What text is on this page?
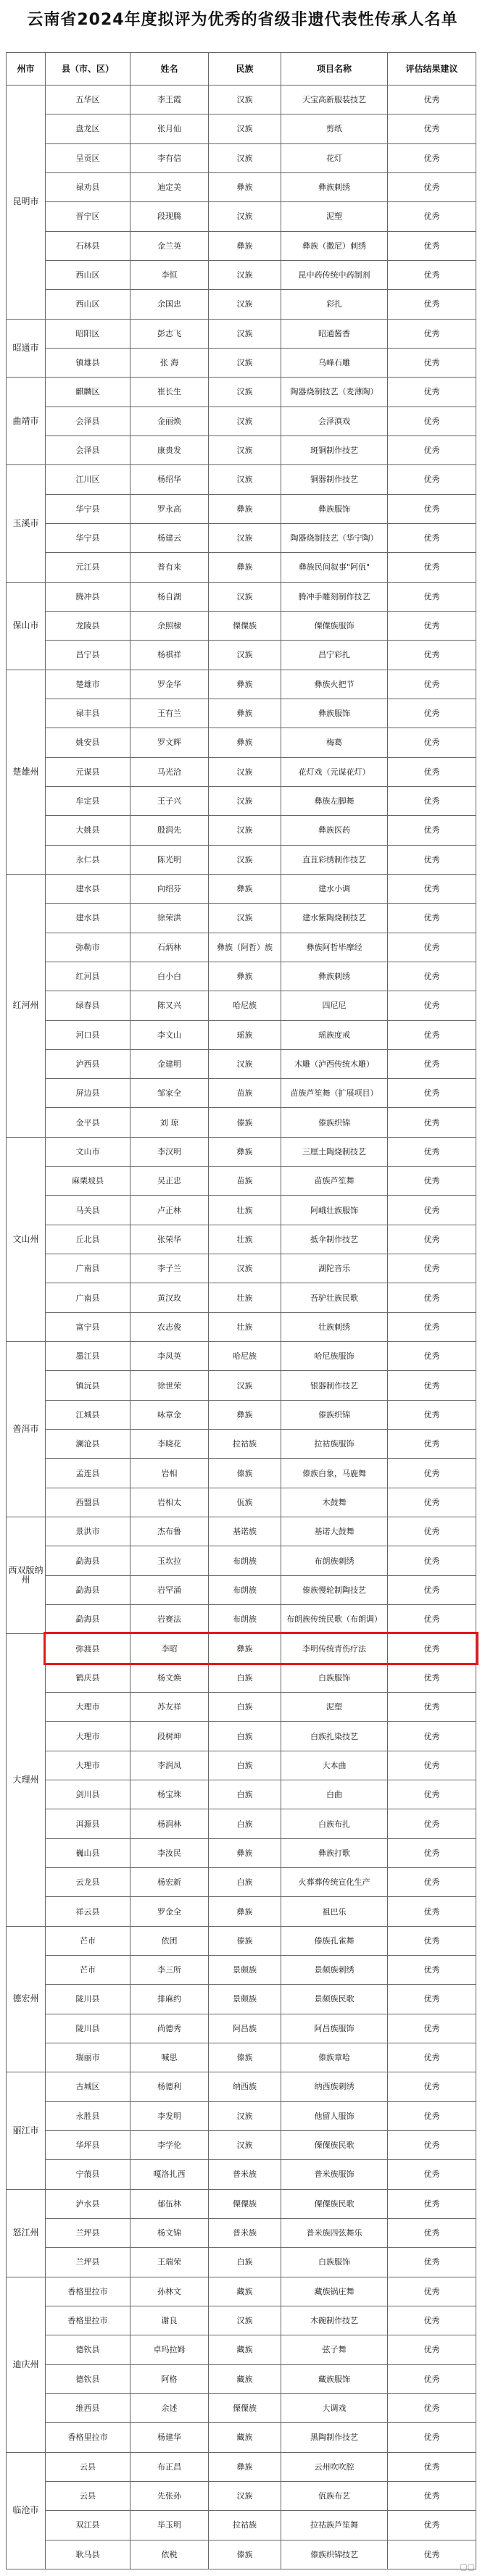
云南省2024年度拟评为优秀的省级非遗代表性传承人名单
州市	县（市、区）	姓名	民族	项目名称	评估结果建议
昆明市	五华区	李王霞	汉族	天宝高新服装技艺	优秀
	盘龙区	张月仙	汉族	剪纸	优秀
	呈贡区	李有信	汉族	花灯	优秀
	禄劝县	迪定美	彝族	彝族刺绣	优秀
	晋宁区	段现腾	汉族	泥塑	优秀
	石林县	金兰英	彝族	彝族（撒尼）刺绣	优秀
	西山区	李恒	汉族	昆中药传统中药制剂	优秀
	西山区	余国忠	汉族	彩扎	优秀
昭通市	昭阳区	彭志飞	汉族	昭通酱香	优秀
	镇雄县	张 海	汉族	乌峰石雕	优秀
曲靖市	麒麟区	崔长生	汉族	陶器烧制技艺（麦薄陶）	优秀
	会泽县	金丽焕	汉族	会泽滇戏	优秀
	会泽县	康贵发	汉族	斑铜制作技艺	优秀
玉溪市	江川区	杨绍华	汉族	铜器制作技艺	优秀
	华宁县	罗永高	彝族	彝族服饰	优秀
	华宁县	杨建云	汉族	陶器烧制技艺（华宁陶）	优秀
	元江县	普有来	彝族	彝族民间叙事"阿佤"	优秀
保山市	腾冲县	杨自湖	汉族	腾冲手雕刻制作技艺	优秀
	龙陵县	余照棣	傈僳族	傈僳族服饰	优秀
	昌宁县	杨祺祥	汉族	昌宁彩扎	优秀
楚雄州	楚雄市	罗金华	彝族	彝族火把节	优秀
	禄丰县	王有兰	彝族	彝族服饰	优秀
	姚安县	罗文辉	彝族	梅葛	优秀
	元谋县	马光洽	汉族	花灯戏（元谋花灯）	优秀
	牟定县	王子兴	汉族	彝族左脚舞	优秀
	大姚县	殷润先	汉族	彝族医药	优秀
	永仁县	陈光明	汉族	直苴彩绣制作技艺	优秀
红河州	建水县	向绍芬	彝族	建水小调	优秀
	建水县	徐荣洪	汉族	建水紫陶烧制技艺	优秀
	弥勒市	石炳林	彝族（阿哲）族	彝族阿哲毕摩经	优秀
	红河县	白小白	彝族	彝族刺绣	优秀
	绿春县	陈又兴	哈尼族	四尼尼	优秀
	河口县	李文山	瑶族	瑶族度戒	优秀
	泸西县	金建明	汉族	木雕（泸西传统木雕）	优秀
	屏边县	邹家全	苗族	苗族芦笙舞（扩展项目）	优秀
	金平县	刘 琼	傣族	傣族织锦	优秀
文山州	文山市	李汉明	彝族	三厘土陶烧制技艺	优秀
	麻栗坡县	吴正忠	苗族	苗族芦笙舞	优秀
	马关县	卢正林	壮族	阿峨壮族服饰	优秀
	丘北县	张荣华	壮族	抵伞制作技艺	优秀
	广南县	李子兰	汉族	湖陀音乐	优秀
	广南县	黄汉玫	壮族	吾驴壮族民歌	优秀
	富宁县	农志俊	壮族	壮族刺绣	优秀
普洱市	墨江县	李凤英	哈尼族	哈尼族服饰	优秀
	镇沅县	徐世荣	汉族	银器制作技艺	优秀
	江城县	咏章金	彝族	傣族织锦	优秀
	澜沧县	李晓花	拉祜族	拉祜族服饰	优秀
	孟连县	岩相	傣族	傣族白象，马鹿舞	优秀
	西盟县	岩相太	佤族	木鼓舞	优秀
西双版纳州	景洪市	杰布鲁	基诺族	基诺大鼓舞	优秀
	勐海县	玉坎拉	布朗族	布朗族刺绣	优秀
	勐海县	岩罕涌	布朗族	傣族慢轮制陶技艺	优秀
	勐海县	岩赛法	布朗族	布朗族传统民歌（布朗调）	优秀
大理州	弥渡县	李昭	彝族	李明传统青伤疗法	优秀
	鹤庆县	杨文焕	白族	白族服饰	优秀
	大理市	苏友祥	白族	泥塑	优秀
	大理市	段树坤	白族	白族扎染技艺	优秀
	大理市	李润凤	白族	大本曲	优秀
	剑川县	杨宝珠	白族	白曲	优秀
	洱源县	杨润林	白族	白族布扎	优秀
	巍山县	李汝民	彝族	彝族打歌	优秀
	云龙县	杨宏新	白族	火葬葬传统宣化生产	优秀
	祥云县	罗金全	彝族	祖巴乐	优秀
德宏州	芒市	依团	傣族	傣族孔雀舞	优秀
	芒市	李三所	景颇族	景颇族刺绣	优秀
	陇川县	排麻约	景颇族	景颇族民歌	优秀
	陇川县	尚德秀	阿昌族	阿昌族服饰	优秀
	瑞丽市	喊思	傣族	傣族章哈	优秀
丽江市	古城区	杨德利	纳西族	纳西族刺绣	优秀
	永胜县	李发明	汉族	他留人服饰	优秀
	华坪县	李学伦	汉族	傈僳族民歌	优秀
	宁蒗县	嘎洛扎西	普米族	普米族服饰	优秀
怒江州	泸水县	郁伍林	傈僳族	傈僳族民歌	优秀
	兰坪县	杨文锦	普米族	普米族四弦舞乐	优秀
	兰坪县	王瑞荣	白族	白族服饰	优秀
迪庆州	香格里拉市	孙林文	藏族	藏族锅庄舞	优秀
	香格里拉市	谢良	汉族	木碗制作技艺	优秀
	德钦县	卓玛拉姆	藏族	弦子舞	优秀
	德钦县	阿格	藏族	藏族服饰	优秀
	维西县	余述	傈僳族	大调戏	优秀
	香格里拉市	杨建华	藏族	黑陶制作技艺	优秀
临沧市	云县	布正昌	彝族	云州吹吹腔	优秀
	云县	先张孙	汉族	佤族布艺	优秀
	双江县	毕玉明	拉祜族	拉祜族芦笙舞	优秀
	耿马县	依税	傣族	傣族织锦技艺	优秀
▢▢
